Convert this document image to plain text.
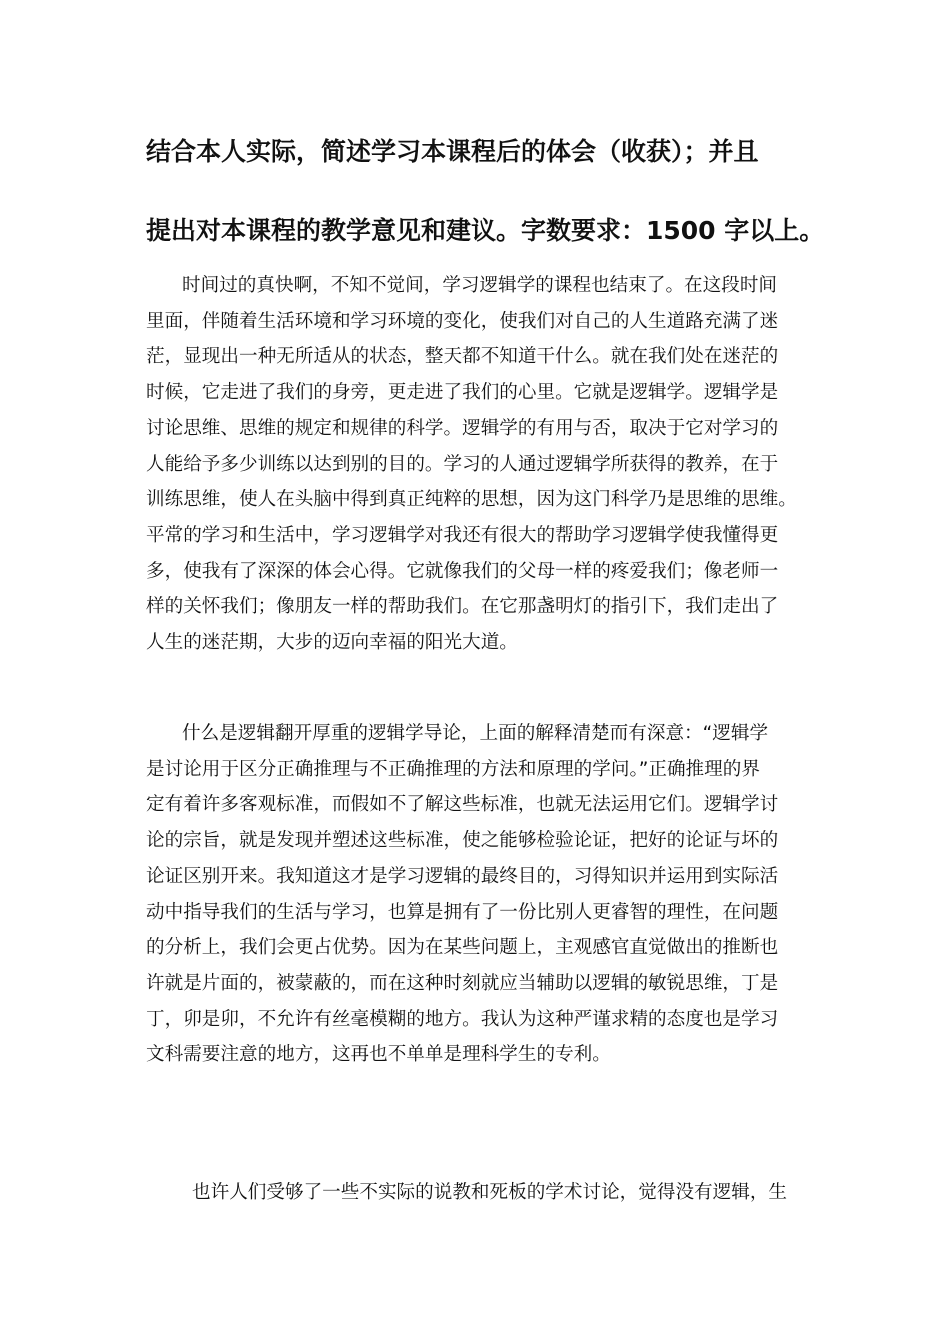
结合本人实际，简述学习本课程后的体会（收获）；并且
提出对本课程的教学意见和建议。字数要求：1500 字以上。
时间过的真快啊，不知不觉间，学习逻辑学的课程也结束了。在这段时间
里面，伴随着生活环境和学习环境的变化，使我们对自己的人生道路充满了迷
茫，显现出一种无所适从的状态，整天都不知道干什么。就在我们处在迷茫的
时候，它走进了我们的身旁，更走进了我们的心里。它就是逻辑学。逻辑学是
讨论思维、思维的规定和规律的科学。逻辑学的有用与否，取决于它对学习的
人能给予多少训练以达到别的目的。学习的人通过逻辑学所获得的教养，在于
训练思维，使人在头脑中得到真正纯粹的思想，因为这门科学乃是思维的思维。
平常的学习和生活中，学习逻辑学对我还有很大的帮助学习逻辑学使我懂得更
多，使我有了深深的体会心得。它就像我们的父母一样的疼爱我们；像老师一
样的关怀我们；像朋友一样的帮助我们。在它那盏明灯的指引下，我们走出了
人生的迷茫期，大步的迈向幸福的阳光大道。
什么是逻辑翻开厚重的逻辑学导论，上面的解释清楚而有深意：“逻辑学
是讨论用于区分正确推理与不正确推理的方法和原理的学问。”正确推理的界
定有着许多客观标准，而假如不了解这些标准，也就无法运用它们。逻辑学讨
论的宗旨，就是发现并塑述这些标准，使之能够检验论证，把好的论证与坏的
论证区别开来。我知道这才是学习逻辑的最终目的，习得知识并运用到实际活
动中指导我们的生活与学习，也算是拥有了一份比别人更睿智的理性，在问题
的分析上，我们会更占优势。因为在某些问题上，主观感官直觉做出的推断也
许就是片面的，被蒙蔽的，而在这种时刻就应当辅助以逻辑的敏锐思维，丁是
丁，卯是卯，不允许有丝毫模糊的地方。我认为这种严谨求精的态度也是学习
文科需要注意的地方，这再也不单单是理科学生的专利。
也许人们受够了一些不实际的说教和死板的学术讨论，觉得没有逻辑，生
